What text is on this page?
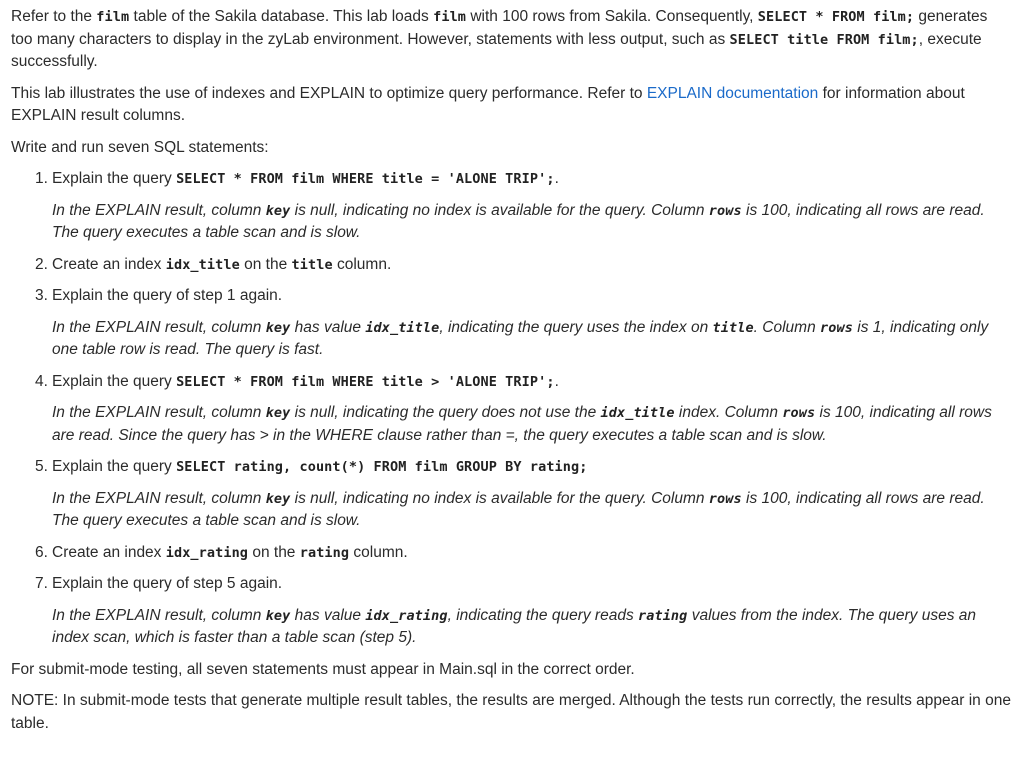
Refer to the film table of the Sakila database. This lab loads film with 100 rows from Sakila. Consequently, SELECT * FROM film; generates too many characters to display in the zyLab environment. However, statements with less output, such as SELECT title FROM film;, execute successfully.

This lab illustrates the use of indexes and EXPLAIN to optimize query performance. Refer to EXPLAIN documentation for information about EXPLAIN result columns.

Write and run seven SQL statements:

1. Explain the query SELECT * FROM film WHERE title = 'ALONE TRIP';.

In the EXPLAIN result, column key is null, indicating no index is available for the query. Column rows is 100, indicating all rows are read. The query executes a table scan and is slow.

2. Create an index idx_title on the title column.

3. Explain the query of step 1 again.

In the EXPLAIN result, column key has value idx_title, indicating the query uses the index on title. Column rows is 1, indicating only one table row is read. The query is fast.

4. Explain the query SELECT * FROM film WHERE title > 'ALONE TRIP';.

In the EXPLAIN result, column key is null, indicating the query does not use the idx_title index. Column rows is 100, indicating all rows are read. Since the query has > in the WHERE clause rather than =, the query executes a table scan and is slow.

5. Explain the query SELECT rating, count(*) FROM film GROUP BY rating;

In the EXPLAIN result, column key is null, indicating no index is available for the query. Column rows is 100, indicating all rows are read. The query executes a table scan and is slow.

6. Create an index idx_rating on the rating column.

7. Explain the query of step 5 again.

In the EXPLAIN result, column key has value idx_rating, indicating the query reads rating values from the index. The query uses an index scan, which is faster than a table scan (step 5).

For submit-mode testing, all seven statements must appear in Main.sql in the correct order.

NOTE: In submit-mode tests that generate multiple result tables, the results are merged. Although the tests run correctly, the results appear in one table.
